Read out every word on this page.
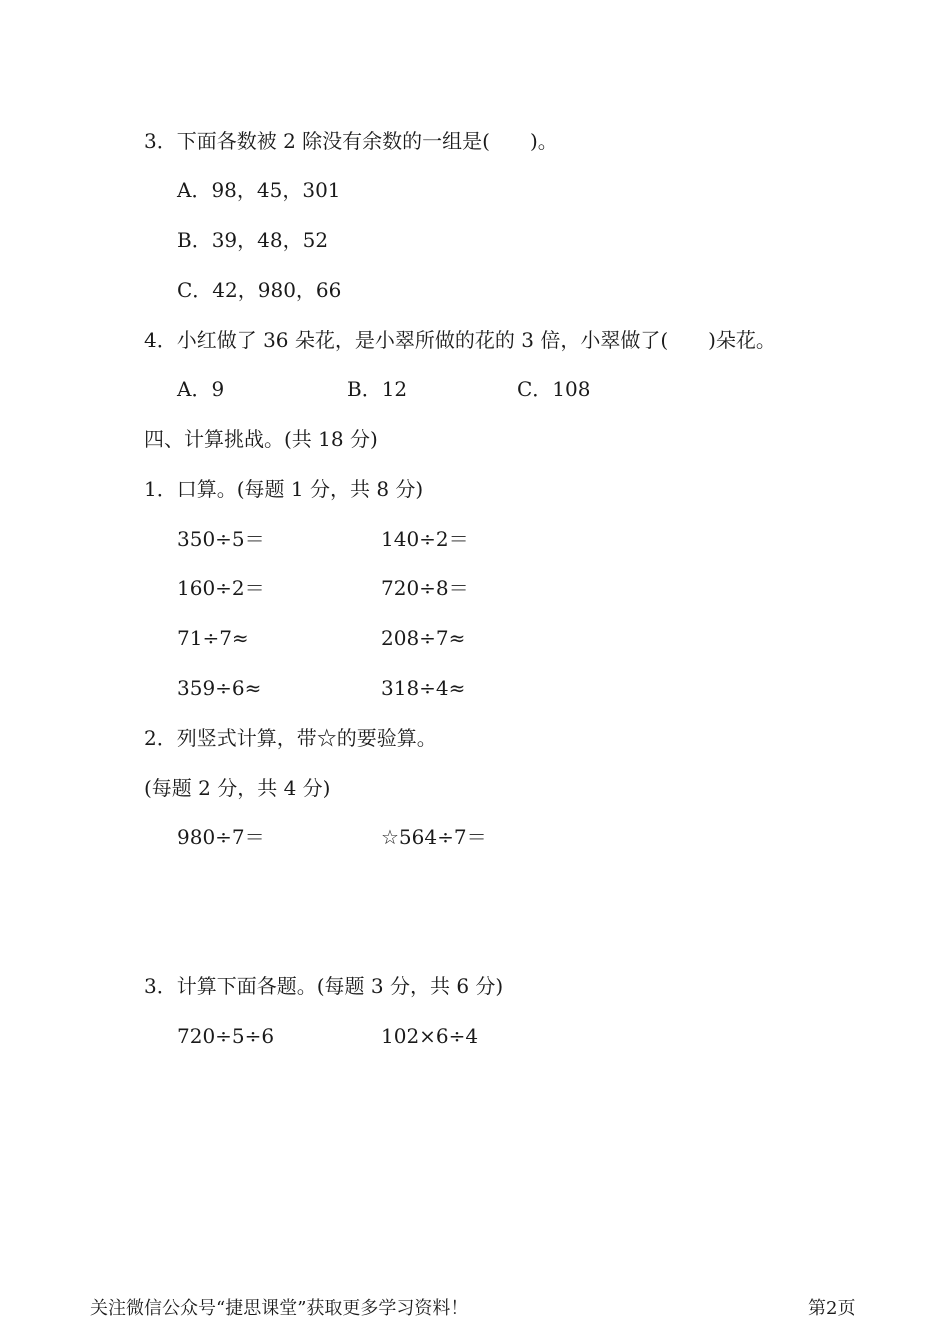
3．下面各数被 2 除没有余数的一组是(　　)。
A．98，45，301
B．39，48，52
C．42，980，66
4．小红做了 36 朵花，是小翠所做的花的 3 倍，小翠做了(　　)朵花。
A．9	B．12	C．108
四、计算挑战。(共 18 分)
1．口算。(每题 1 分，共 8 分)
350÷5＝	140÷2＝
160÷2＝	720÷8＝
71÷7≈	208÷7≈
359÷6≈	318÷4≈
2．列竖式计算，带☆的要验算。
(每题 2 分，共 4 分)
980÷7＝	☆564÷7＝
3．计算下面各题。(每题 3 分，共 6 分)
720÷5÷6	102×6÷4
关注微信公众号“捷思课堂”获取更多学习资料！	第2页
